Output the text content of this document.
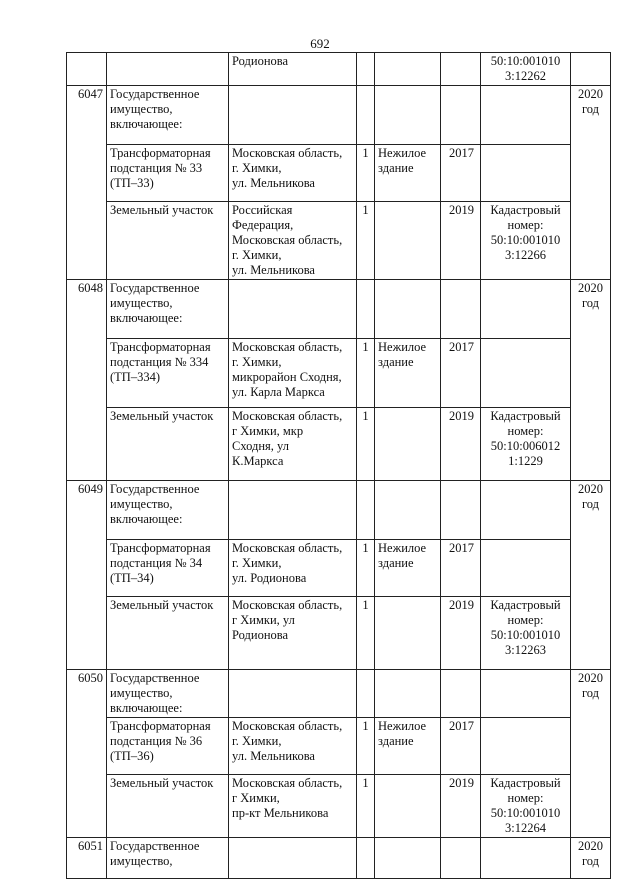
692

		Родионова				50:10:001010
3:12262	

6047	Государственное
имущество,
включающее:						2020
год

	Трансформаторная
подстанция № 33
(ТП–33)	Московская область,
г. Химки,
ул. Мельникова	1	Нежилое
здание	2017		

	Земельный участок	Российская
Федерация,
Московская область,
г. Химки,
ул. Мельникова	1		2019	Кадастровый
номер:
50:10:001010
3:12266	

6048	Государственное
имущество,
включающее:						2020
год

	Трансформаторная
подстанция № 334
(ТП–334)	Московская область,
г. Химки,
микрорайон Сходня,
ул. Карла Маркса	1	Нежилое
здание	2017		

	Земельный участок	Московская область,
г Химки, мкр
Сходня, ул
К.Маркса	1		2019	Кадастровый
номер:
50:10:006012
1:1229	

6049	Государственное
имущество,
включающее:						2020
год

	Трансформаторная
подстанция № 34
(ТП–34)	Московская область,
г. Химки,
ул. Родионова	1	Нежилое
здание	2017		

	Земельный участок	Московская область,
г Химки, ул
Родионова	1		2019	Кадастровый
номер:
50:10:001010
3:12263	

6050	Государственное
имущество,
включающее:						2020
год

	Трансформаторная
подстанция № 36
(ТП–36)	Московская область,
г. Химки,
ул. Мельникова	1	Нежилое
здание	2017		

	Земельный участок	Московская область,
г Химки,
пр-кт Мельникова	1		2019	Кадастровый
номер:
50:10:001010
3:12264	

6051	Государственное
имущество,						2020
год
